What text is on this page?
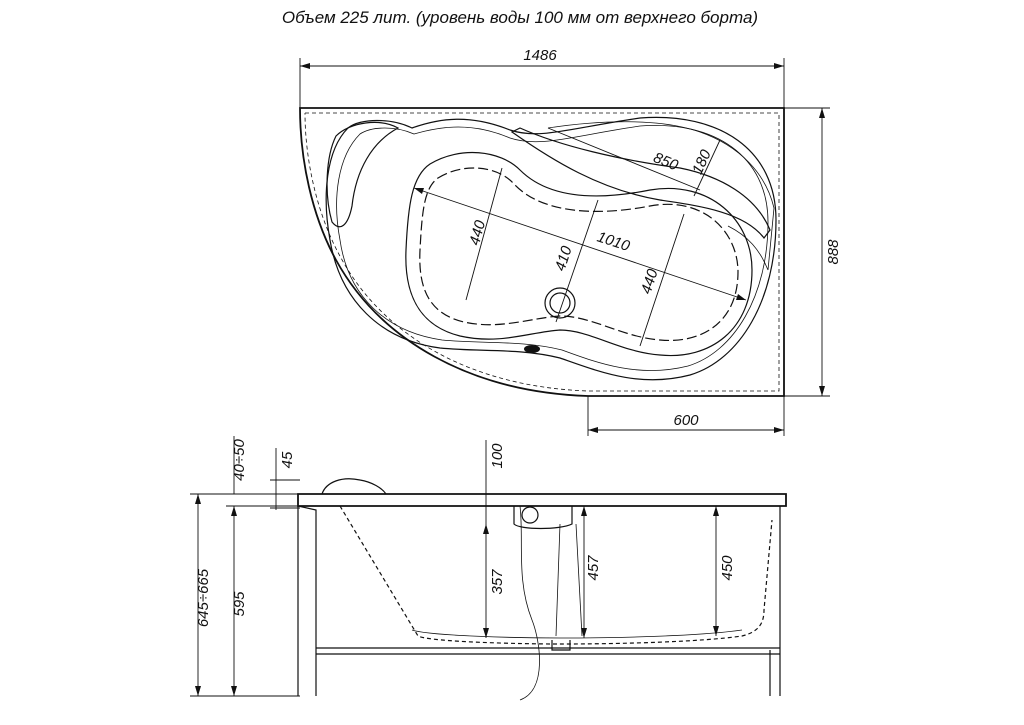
Объем 225 лит. (уровень воды 100 мм от верхнего борта)
1486
888
600
1010
440
410
440
850 180
645÷665 595
40÷50 45	100
357
457	450
